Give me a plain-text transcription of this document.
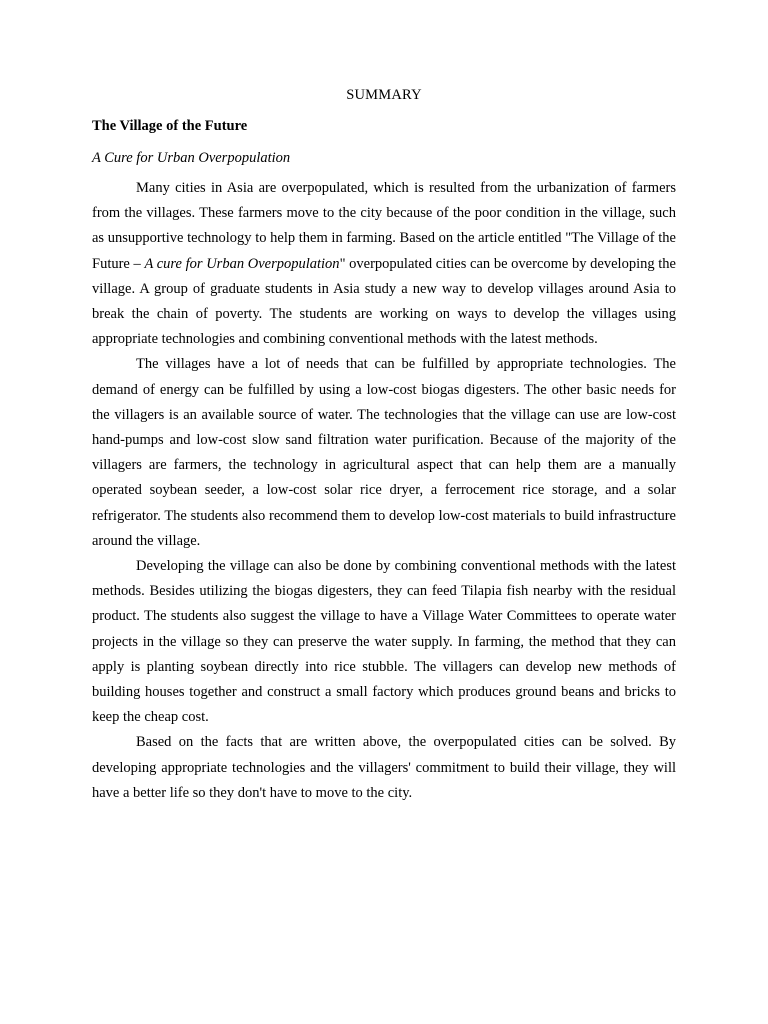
SUMMARY
The Village of the Future
A Cure for Urban Overpopulation

Many cities in Asia are overpopulated, which is resulted from the urbanization of farmers from the villages. These farmers move to the city because of the poor condition in the village, such as unsupportive technology to help them in farming. Based on the article entitled "The Village of the Future – A cure for Urban Overpopulation" overpopulated cities can be overcome by developing the village. A group of graduate students in Asia study a new way to develop villages around Asia to break the chain of poverty. The students are working on ways to develop the villages using appropriate technologies and combining conventional methods with the latest methods.

The villages have a lot of needs that can be fulfilled by appropriate technologies. The demand of energy can be fulfilled by using a low-cost biogas digesters. The other basic needs for the villagers is an available source of water. The technologies that the village can use are low-cost hand-pumps and low-cost slow sand filtration water purification. Because of the majority of the villagers are farmers, the technology in agricultural aspect that can help them are a manually operated soybean seeder, a low-cost solar rice dryer, a ferrocement rice storage, and a solar refrigerator. The students also recommend them to develop low-cost materials to build infrastructure around the village.

Developing the village can also be done by combining conventional methods with the latest methods. Besides utilizing the biogas digesters, they can feed Tilapia fish nearby with the residual product. The students also suggest the village to have a Village Water Committees to operate water projects in the village so they can preserve the water supply. In farming, the method that they can apply is planting soybean directly into rice stubble. The villagers can develop new methods of building houses together and construct a small factory which produces ground beans and bricks to keep the cheap cost.

Based on the facts that are written above, the overpopulated cities can be solved. By developing appropriate technologies and the villagers' commitment to build their village, they will have a better life so they don't have to move to the city.
